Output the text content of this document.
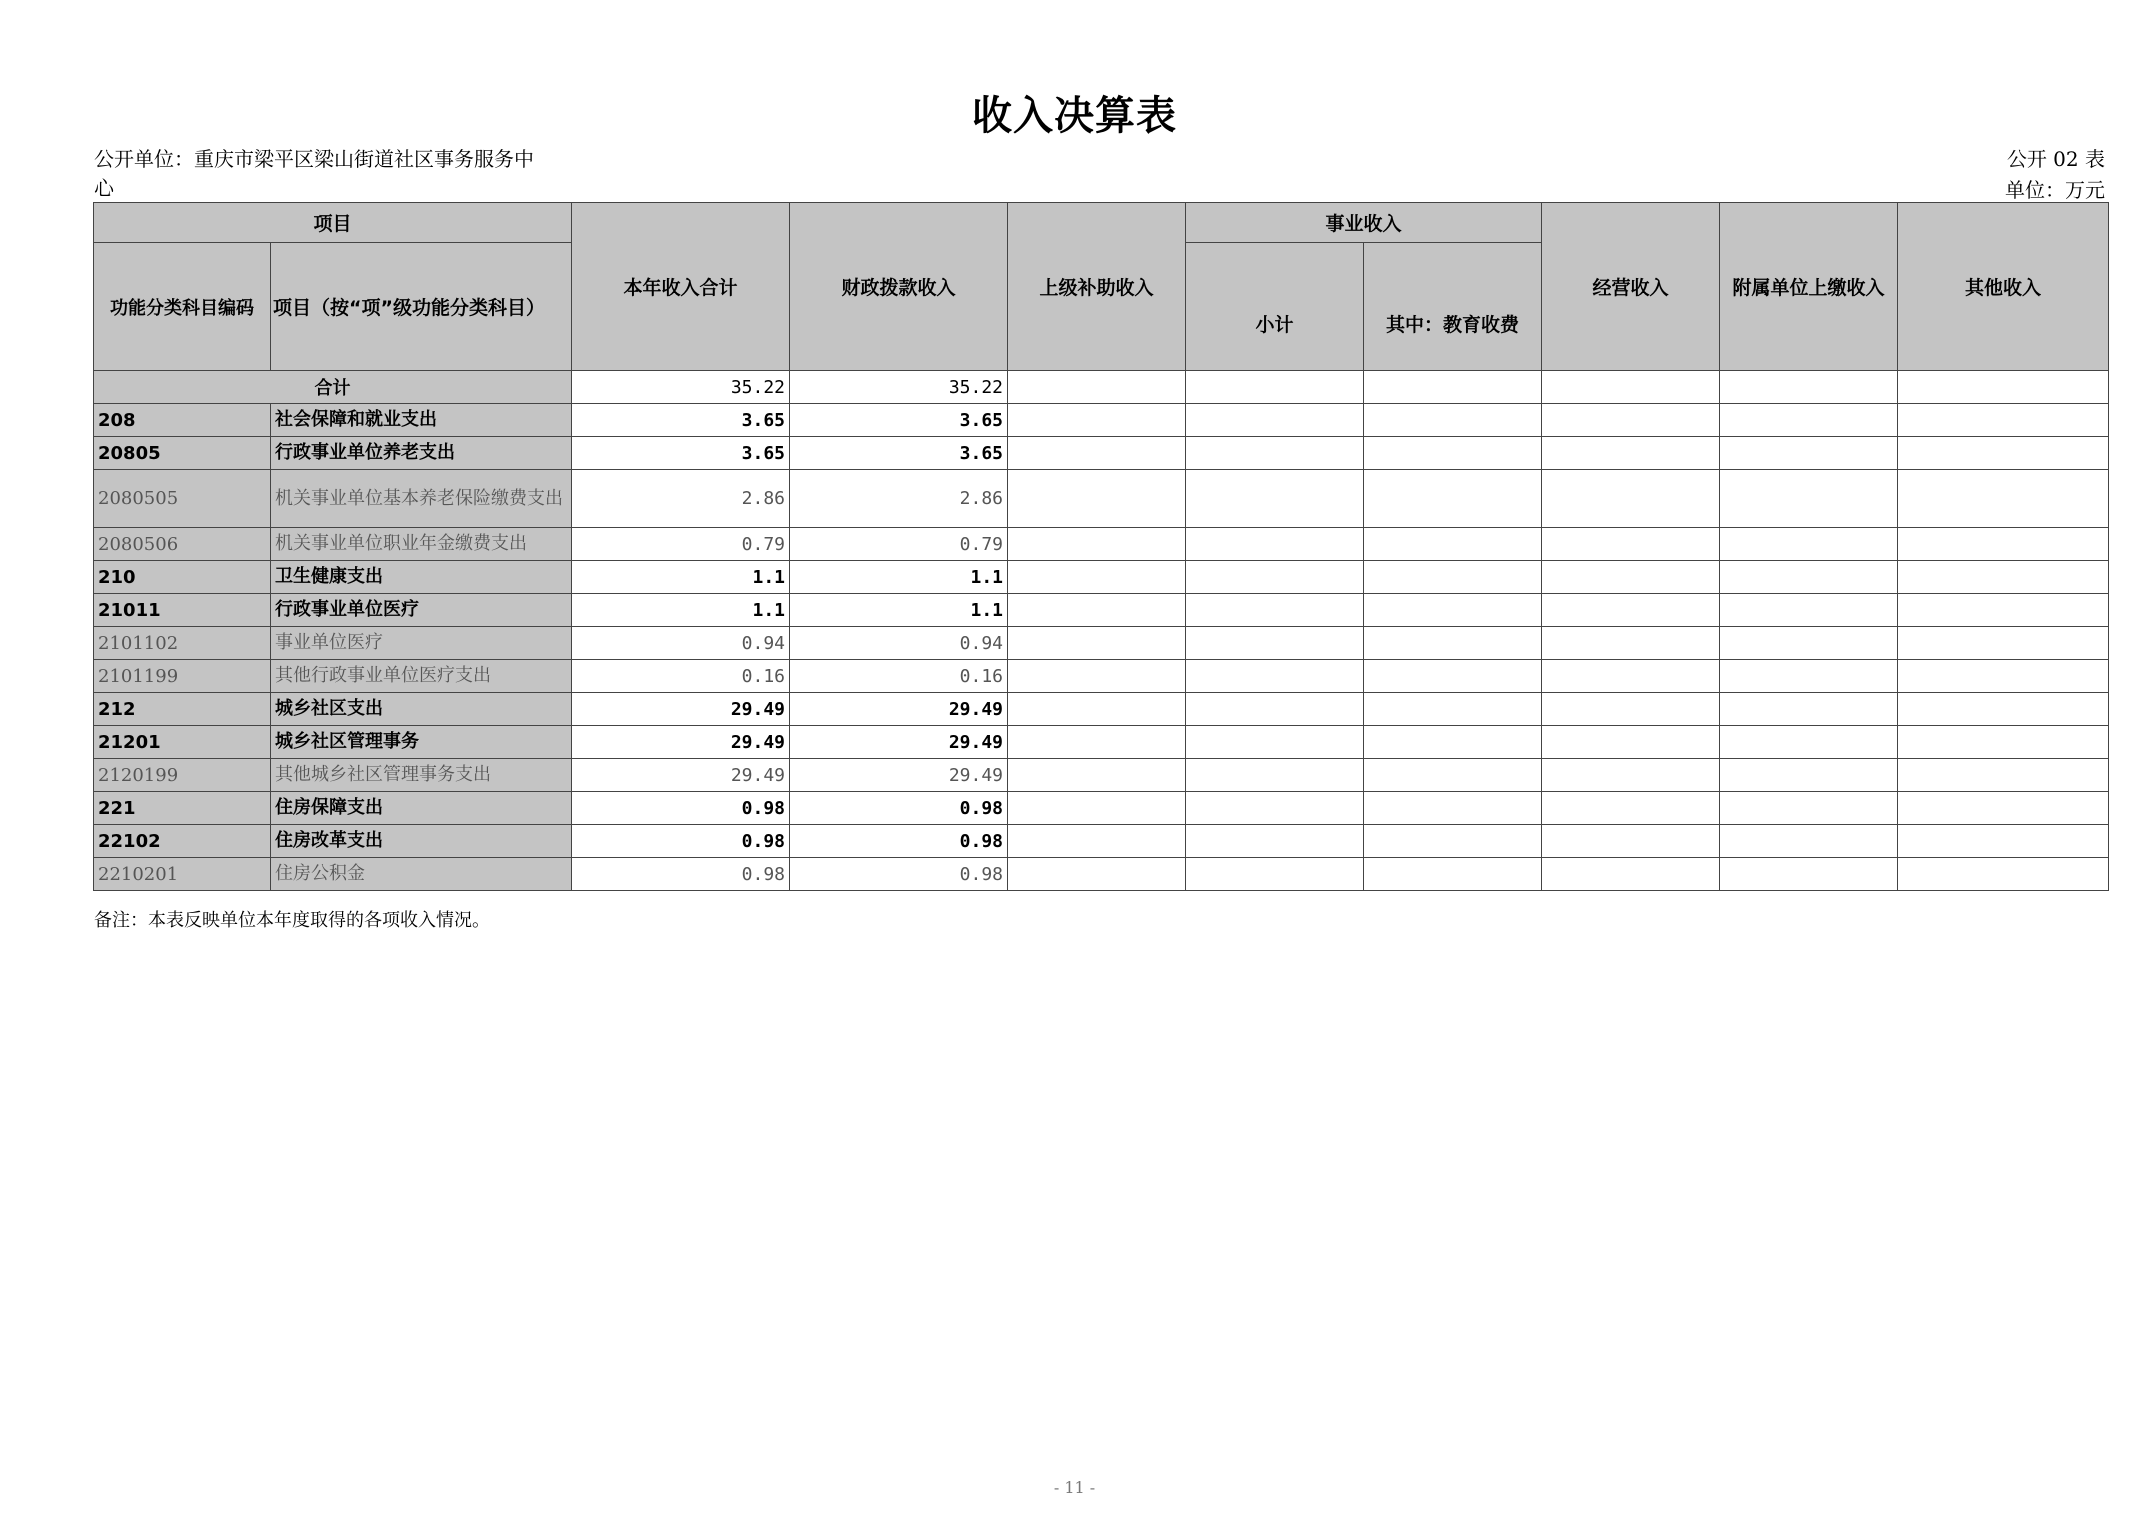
收入决算表
公开单位：重庆市梁平区梁山街道社区事务服务中
心
公开 02 表
单位：万元
项目		本年收入合计	财政拨款收入	上级补助收入	事业收入		经营收入	附属单位上缴收入	其他收入
功能分类科目编码	项目（按“项”级功能分类科目）				小计	其中：教育收费			
合计		35.22	35.22						
208	社会保障和就业支出	3.65	3.65						
20805	行政事业单位养老支出	3.65	3.65						
2080505	机关事业单位基本养老保险缴费支出	2.86	2.86						
2080506	机关事业单位职业年金缴费支出	0.79	0.79						
210	卫生健康支出	1.1	1.1						
21011	行政事业单位医疗	1.1	1.1						
2101102	事业单位医疗	0.94	0.94						
2101199	其他行政事业单位医疗支出	0.16	0.16						
212	城乡社区支出	29.49	29.49						
21201	城乡社区管理事务	29.49	29.49						
2120199	其他城乡社区管理事务支出	29.49	29.49						
221	住房保障支出	0.98	0.98						
22102	住房改革支出	0.98	0.98						
2210201	住房公积金	0.98	0.98						
备注：本表反映单位本年度取得的各项收入情况。
- 11 -
